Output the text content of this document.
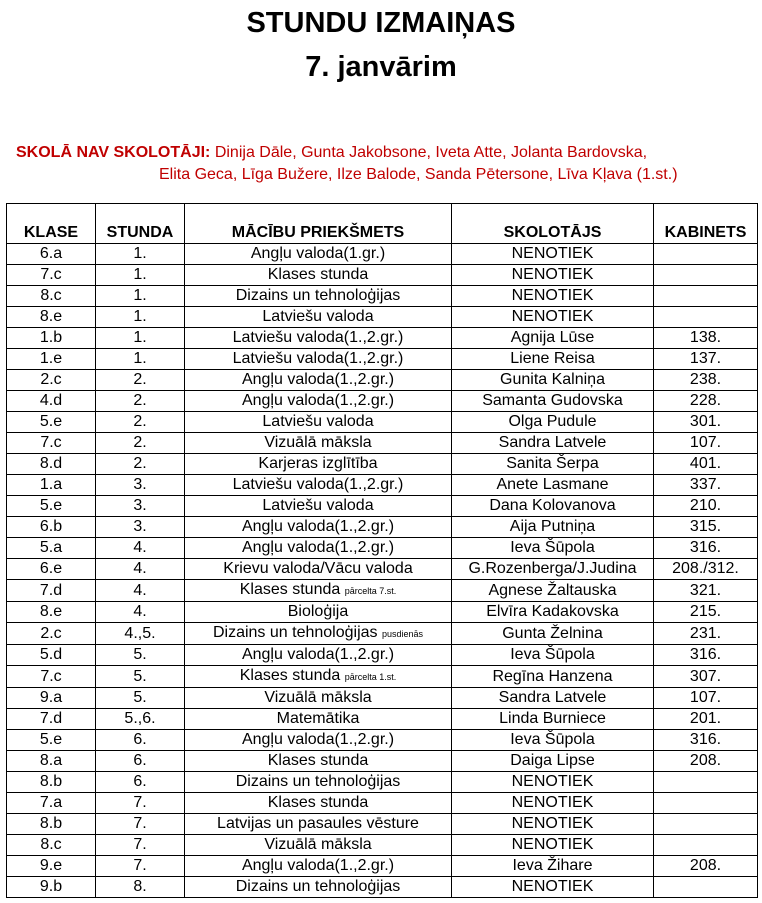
STUNDU IZMAIŅAS
7. janvārim
SKOLĀ NAV SKOLOTĀJI: Dinija Dāle, Gunta Jakobsone, Iveta Atte, Jolanta Bardovska,
Elita Geca, Līga Bužere, Ilze Balode, Sanda Pētersone, Līva Kļava (1.st.)
KLASE	STUNDA	MĀCĪBU PRIEKŠMETS	SKOLOTĀJS	KABINETS
6.a	1.	Angļu valoda(1.gr.)	NENOTIEK	
7.c	1.	Klases stunda	NENOTIEK	
8.c	1.	Dizains un tehnoloģijas	NENOTIEK	
8.e	1.	Latviešu valoda	NENOTIEK	
1.b	1.	Latviešu valoda(1.,2.gr.)	Agnija Lūse	138.
1.e	1.	Latviešu valoda(1.,2.gr.)	Liene Reisa	137.
2.c	2.	Angļu valoda(1.,2.gr.)	Gunita Kalniņa	238.
4.d	2.	Angļu valoda(1.,2.gr.)	Samanta Gudovska	228.
5.e	2.	Latviešu valoda	Olga Pudule	301.
7.c	2.	Vizuālā māksla	Sandra Latvele	107.
8.d	2.	Karjeras izglītība	Sanita Šerpa	401.
1.a	3.	Latviešu valoda(1.,2.gr.)	Anete Lasmane	337.
5.e	3.	Latviešu valoda	Dana Kolovanova	210.
6.b	3.	Angļu valoda(1.,2.gr.)	Aija Putniņa	315.
5.a	4.	Angļu valoda(1.,2.gr.)	Ieva Šūpola	316.
6.e	4.	Krievu valoda/Vācu valoda	G.Rozenberga/J.Judina	208./312.
7.d	4.	Klases stunda pārcelta 7.st.	Agnese Žaltauska	321.
8.e	4.	Bioloģija	Elvīra Kadakovska	215.
2.c	4.,5.	Dizains un tehnoloģijas pusdienās	Gunta Želnina	231.
5.d	5.	Angļu valoda(1.,2.gr.)	Ieva Šūpola	316.
7.c	5.	Klases stunda pārcelta 1.st.	Regīna Hanzena	307.
9.a	5.	Vizuālā māksla	Sandra Latvele	107.
7.d	5.,6.	Matemātika	Linda Burniece	201.
5.e	6.	Angļu valoda(1.,2.gr.)	Ieva Šūpola	316.
8.a	6.	Klases stunda	Daiga Lipse	208.
8.b	6.	Dizains un tehnoloģijas	NENOTIEK	
7.a	7.	Klases stunda	NENOTIEK	
8.b	7.	Latvijas un pasaules vēsture	NENOTIEK	
8.c	7.	Vizuālā māksla	NENOTIEK	
9.e	7.	Angļu valoda(1.,2.gr.)	Ieva Žihare	208.
9.b	8.	Dizains un tehnoloģijas	NENOTIEK	
